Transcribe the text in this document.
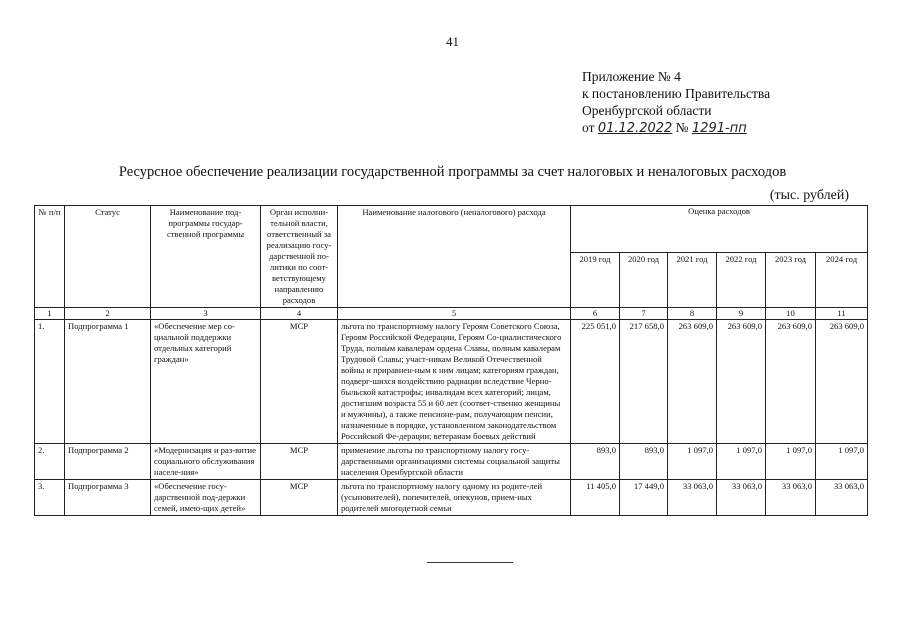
41
Приложение № 4
к постановлению Правительства
Оренбургской области
от 01.12.2022 № 1291-пп
Ресурсное обеспечение реализации государственной программы за счет налоговых и неналоговых расходов
(тыс. рублей)
№ п/п	Статус	Наименование под-программы государ-ственной программы	Орган исполни-тельной власти, ответственный за реализацию госу-дарственной по-литики по соот-ветствующему направлению расходов	Наименование налогового (неналогового) расхода	Оценка расходов					
					2019 год	2020 год	2021 год	2022 год	2023 год	2024 год
1	2	3	4	5	6	7	8	9	10	11
1.	Подпрограмма 1	«Обеспечение мер со-циальной поддержки отдельных категорий граждан»	МСР	льгота по транспортному налогу Героям Советского Союза, Героям Российской Федерации, Героям Со-циалистического Труда, полным кавалерам ордена Славы, полным кавалерам Трудовой Славы; участ-никам Великой Отечественной войны и приравнен-ным к ним лицам; категориям граждан, подверг-шихся воздействию радиации вследствие Черно-быльской катастрофы; инвалидам всех категорий; лицам, достигшим возраста 55 и 60 лет (соответ-ственно женщины и мужчины), а также пенсионе-рам, получающим пенсии, назначенные в порядке, установленном законодательством Российской Фе-дерации; ветеранам боевых действий	225 051,0	217 658,0	263 609,0	263 609,0	263 609,0	263 609,0
2.	Подпрограмма 2	«Модернизация и раз-витие социального обслуживания населе-ния»	МСР	применение льготы по транспортному налогу госу-дарственными организациями системы социальной защиты населения Оренбургской области	893,0	893,0	1 097,0	1 097,0	1 097,0	1 097,0
3.	Подпрограмма 3	«Обеспечение госу-дарственной под-держки семей, имею-щих детей»	МСР	льгота по транспортному налогу одному из родите-лей (усыновителей), попечителей, опекунов, прием-ных родителей многодетной семьи	11 405,0	17 449,0	33 063,0	33 063,0	33 063,0	33 063,0
